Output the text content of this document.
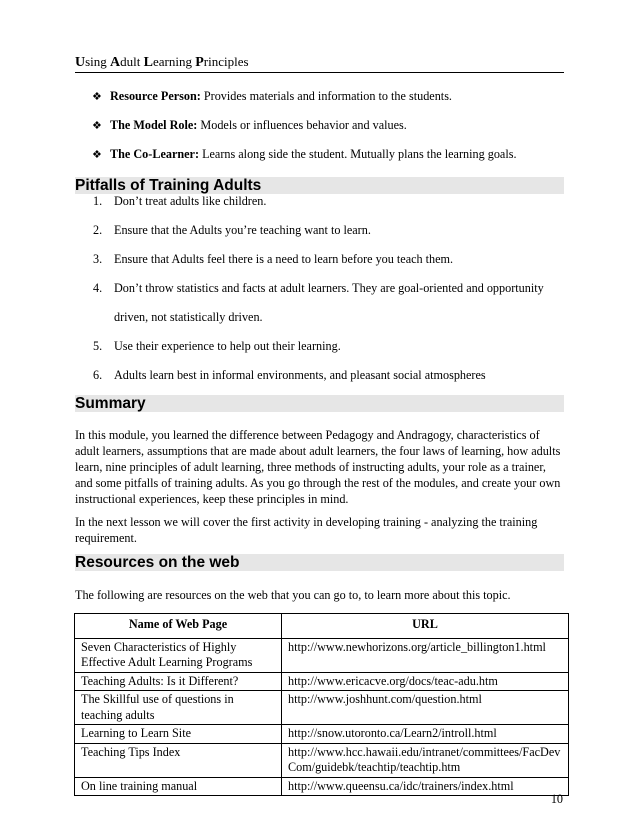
Using Adult Learning Principles
❖ Resource Person: Provides materials and information to the students.
❖ The Model Role: Models or influences behavior and values.
❖ The Co-Learner: Learns along side the student. Mutually plans the learning goals.
Pitfalls of Training Adults
1. Don’t treat adults like children.
2. Ensure that the Adults you’re teaching want to learn.
3. Ensure that Adults feel there is a need to learn before you teach them.
4. Don’t throw statistics and facts at adult learners. They are goal-oriented and opportunity
driven, not statistically driven.
5. Use their experience to help out their learning.
6. Adults learn best in informal environments, and pleasant social atmospheres
Summary
In this module, you learned the difference between Pedagogy and Andragogy, characteristics of adult learners, assumptions that are made about adult learners, the four laws of learning, how adults learn, nine principles of adult learning, three methods of instructing adults, your role as a trainer, and some pitfalls of training adults. As you go through the rest of the modules, and create your own instructional experiences, keep these principles in mind.
In the next lesson we will cover the first activity in developing training - analyzing the training requirement.
Resources on the web
The following are resources on the web that you can go to, to learn more about this topic.
Name of Web Page	URL
Seven Characteristics of Highly Effective Adult Learning Programs	http://www.newhorizons.org/article_billington1.html
Teaching Adults: Is it Different?	http://www.ericacve.org/docs/teac-adu.htm
The Skillful use of questions in teaching adults	http://www.joshhunt.com/question.html
Learning to Learn Site	http://snow.utoronto.ca/Learn2/introll.html
Teaching Tips Index	http://www.hcc.hawaii.edu/intranet/committees/FacDevCom/guidebk/teachtip/teachtip.htm
On line training manual	http://www.queensu.ca/idc/trainers/index.html
10
